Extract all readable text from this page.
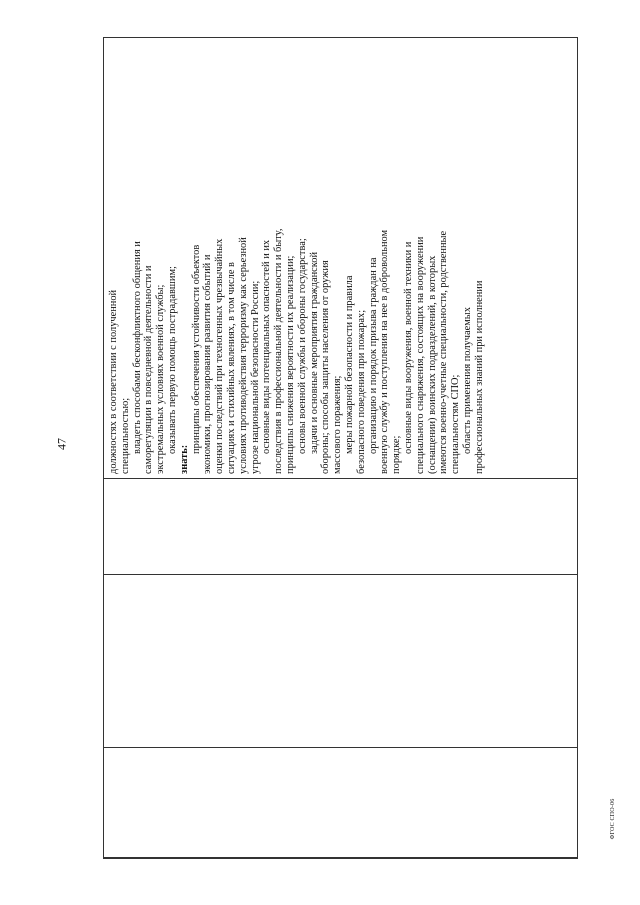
47	должностях в соответствии с полученной специальностью; владеть способами бесконфликтного общения и саморегуляции в повседневной деятельности и экстремальных условиях военной службы; оказывать первую помощь пострадавшим;
знать:
принципы обеспечения устойчивости объектов экономики, прогнозирования развития событий и оценки последствий при техногенных чрезвычайных ситуациях и стихийных явлениях, в том числе в условиях противодействия терроризму как серьезной угрозе национальной безопасности России; основные виды потенциальных опасностей и их последствия в профессиональной деятельности и быту, принципы снижения вероятности их реализации; основы военной службы и обороны государства; задачи и основные мероприятия гражданской обороны; способы защиты населения от оружия массового поражения; меры пожарной безопасности и правила безопасного поведения при пожарах; организацию и порядок призыва граждан на военную службу и поступления на нее в добровольном порядке;
основные виды вооружения, военной техники и специального снаряжения, состоящих на вооружении (оснащении) воинских подразделений, в которых имеются военно-учетные специальности, родственные специальностям СПО; область применения получаемых профессиональных знаний при исполнении
ФГОС СПО-06
